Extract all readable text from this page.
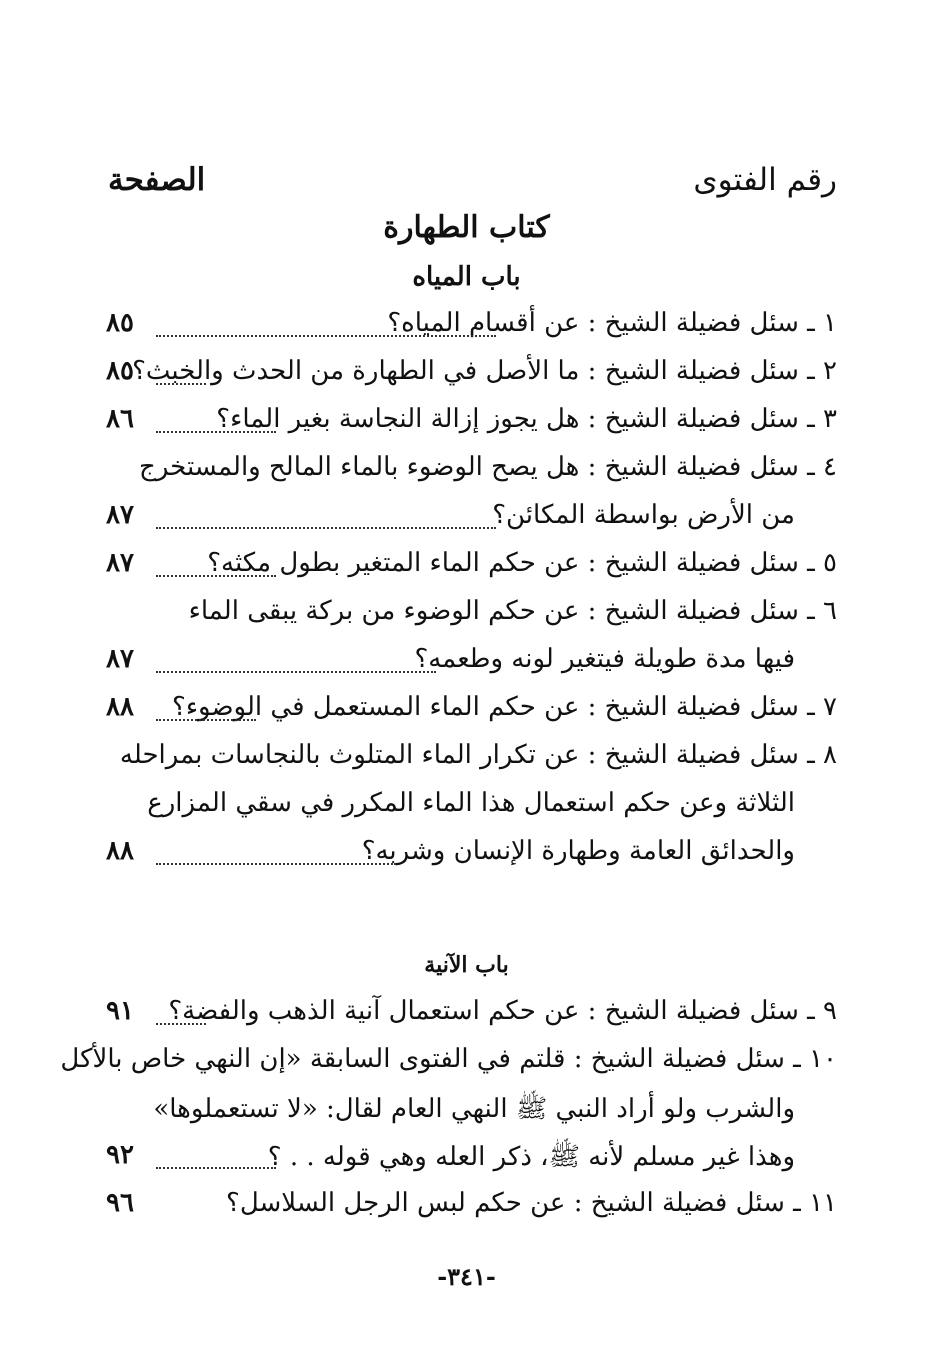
رقم الفتوى
الصفحة
كتاب الطهارة
باب المياه
١ ـ سئل فضيلة الشيخ : عن أقسام المياه؟
٨٥
٢ ـ سئل فضيلة الشيخ : ما الأصل في الطهارة من الحدث والخبث؟
٨٥
٣ ـ سئل فضيلة الشيخ : هل يجوز إزالة النجاسة بغير الماء؟
٨٦
٤ ـ سئل فضيلة الشيخ : هل يصح الوضوء بالماء المالح والمستخرج
من الأرض بواسطة المكائن؟
٨٧
٥ ـ سئل فضيلة الشيخ : عن حكم الماء المتغير بطول مكثه؟
٨٧
٦ ـ سئل فضيلة الشيخ : عن حكم الوضوء من بركة يبقى الماء
فيها مدة طويلة فيتغير لونه وطعمه؟
٨٧
٧ ـ سئل فضيلة الشيخ : عن حكم الماء المستعمل في الوضوء؟
٨٨
٨ ـ سئل فضيلة الشيخ : عن تكرار الماء المتلوث بالنجاسات بمراحله
الثلاثة وعن حكم استعمال هذا الماء المكرر في سقي المزارع
والحدائق العامة وطهارة الإنسان وشربه؟
٨٨
باب الآنية
٩ ـ سئل فضيلة الشيخ : عن حكم استعمال آنية الذهب والفضة؟
٩١
١٠ ـ سئل فضيلة الشيخ : قلتم في الفتوى السابقة «إن النهي خاص بالأكل
والشرب ولو أراد النبي ﷺ النهي العام لقال: «لا تستعملوها»
وهذا غير مسلم لأنه ﷺ، ذكر العله وهي قوله . . ؟
٩٢
١١ ـ سئل فضيلة الشيخ : عن حكم لبس الرجل السلاسل؟
٩٦
-٣٤١-
